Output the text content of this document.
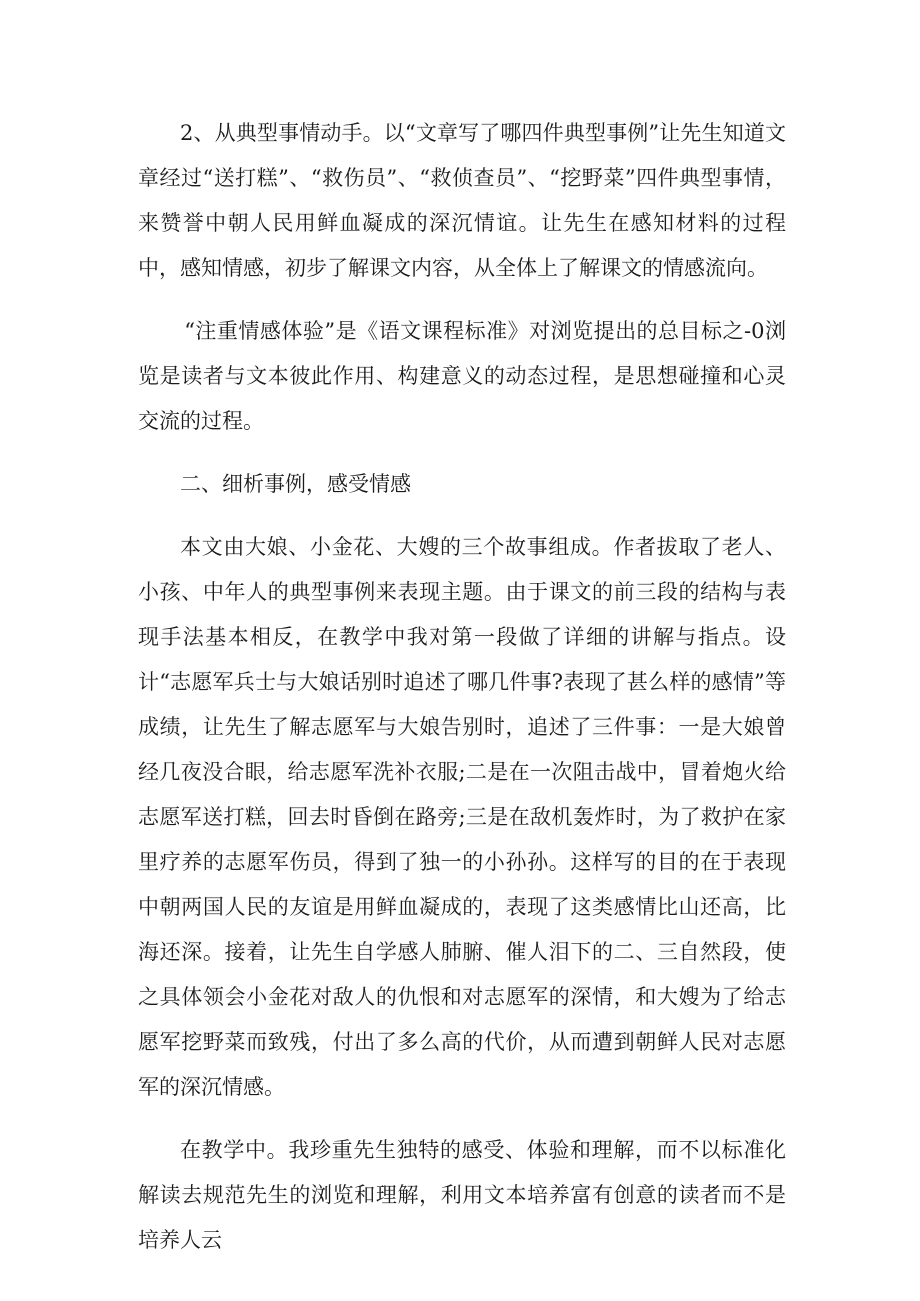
2、从典型事情动手。以“文章写了哪四件典型事例”让先生知道文章经过“送打糕”、“救伤员”、“救侦查员”、“挖野菜”四件典型事情，来赞誉中朝人民用鲜血凝成的深沉情谊。让先生在感知材料的过程中，感知情感，初步了解课文内容，从全体上了解课文的情感流向。

“注重情感体验”是《语文课程标准》对浏览提出的总目标之-0浏览是读者与文本彼此作用、构建意义的动态过程，是思想碰撞和心灵交流的过程。

二、细析事例，感受情感

本文由大娘、小金花、大嫂的三个故事组成。作者拔取了老人、小孩、中年人的典型事例来表现主题。由于课文的前三段的结构与表现手法基本相反，在教学中我对第一段做了详细的讲解与指点。设计“志愿军兵士与大娘话别时追述了哪几件事?表现了甚么样的感情”等成绩，让先生了解志愿军与大娘告别时，追述了三件事：一是大娘曾经几夜没合眼，给志愿军洗补衣服;二是在一次阻击战中，冒着炮火给志愿军送打糕，回去时昏倒在路旁;三是在敌机轰炸时，为了救护在家里疗养的志愿军伤员，得到了独一的小孙孙。这样写的目的在于表现中朝两国人民的友谊是用鲜血凝成的，表现了这类感情比山还高，比海还深。接着，让先生自学感人肺腑、催人泪下的二、三自然段，使之具体领会小金花对敌人的仇恨和对志愿军的深情，和大嫂为了给志愿军挖野菜而致残，付出了多么高的代价，从而遭到朝鲜人民对志愿军的深沉情感。

在教学中。我珍重先生独特的感受、体验和理解，而不以标准化解读去规范先生的浏览和理解，利用文本培养富有创意的读者而不是培养人云
